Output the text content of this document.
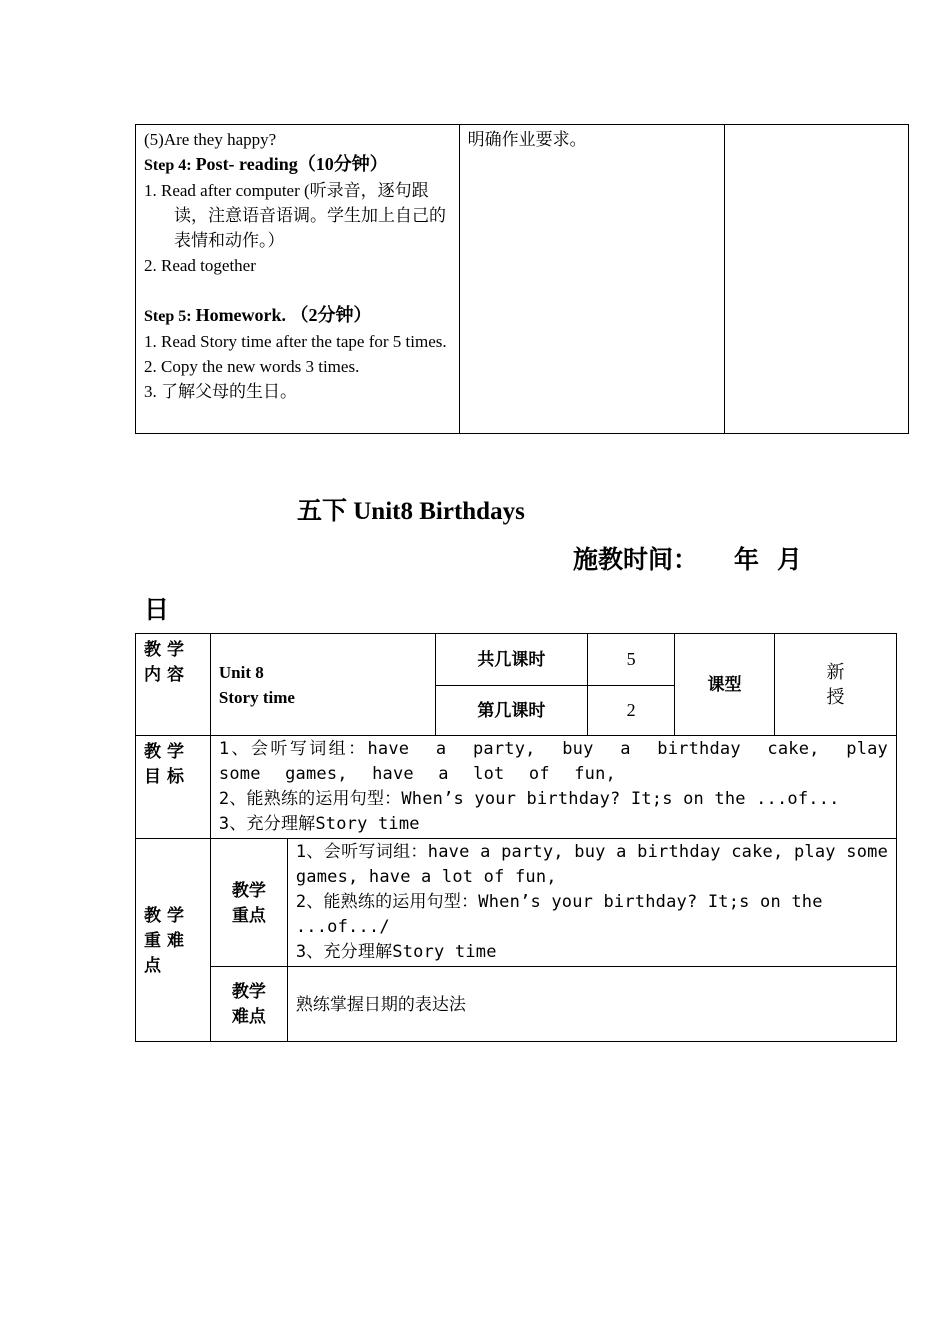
(5)Are they happy?
Step 4: Post- reading（10分钟）
1. Read after computer (听录音，逐句跟读，注意语音语调。学生加上自己的表情和动作。）
2. Read together
Step 5: Homework. （2分钟）
1. Read Story time after the tape for 5 times.
2. Copy the new words 3 times.
3. 了解父母的生日。
	明确作业要求。	
五下 Unit8 Birthdays
施教时间： 年 月
日
教学内容	Unit 8
Story time		共几课时	5	课型	新授
			第几课时	2		
教学目标	1、会听写词组：have a party, buy a birthday cake, play some games, have a lot of fun,
2、能熟练的运用句型：When’s your birthday? It;s on the ...of...
3、充分理解Story time					

教学重难点	教学重点	1、会听写词组：have a party, buy a birthday cake, play some games, have a lot of fun,
2、能熟练的运用句型：When’s your birthday? It;s on the ...of.../
3、充分理解Story time				

	教学难点	熟练掌握日期的表达法				
